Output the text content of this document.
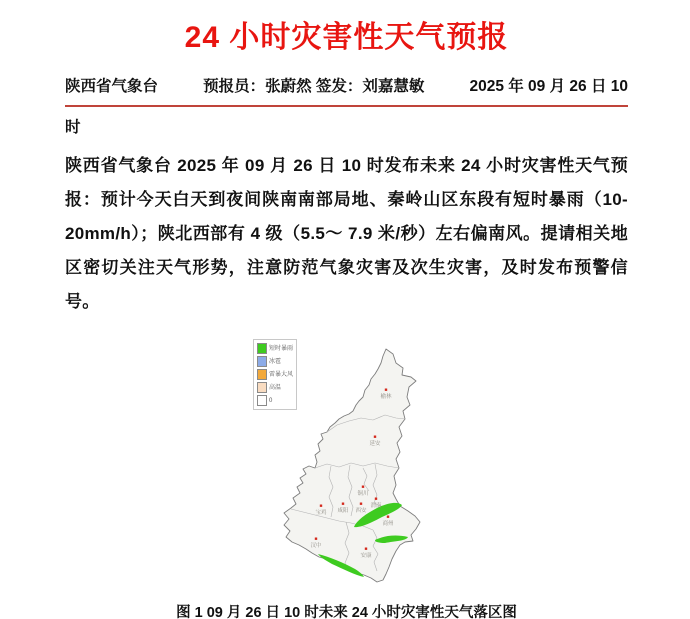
24 小时灾害性天气预报
陕西省气象台	预报员：张蔚然 签发：刘嘉慧敏	2025 年 09 月 26 日 10
时

陕西省气象台 2025 年 09 月 26 日 10 时发布未来 24 小时灾害性天气预报：预计今天白天到夜间陕南南部局地、秦岭山区东段有短时暴雨（10-20mm/h）；陕北西部有 4 级（5.5～ 7.9 米/秒）左右偏南风。提请相关地区密切关注天气形势，注意防范气象灾害及次生灾害，及时发布预警信号。

短时暴雨
冰雹
雷暴大风
高温
0
榆林
延安
铜川
渭南
宝鸡 咸阳 西安
商州
汉中
安康
图 1 09 月 26 日 10 时未来 24 小时灾害性天气落区图
